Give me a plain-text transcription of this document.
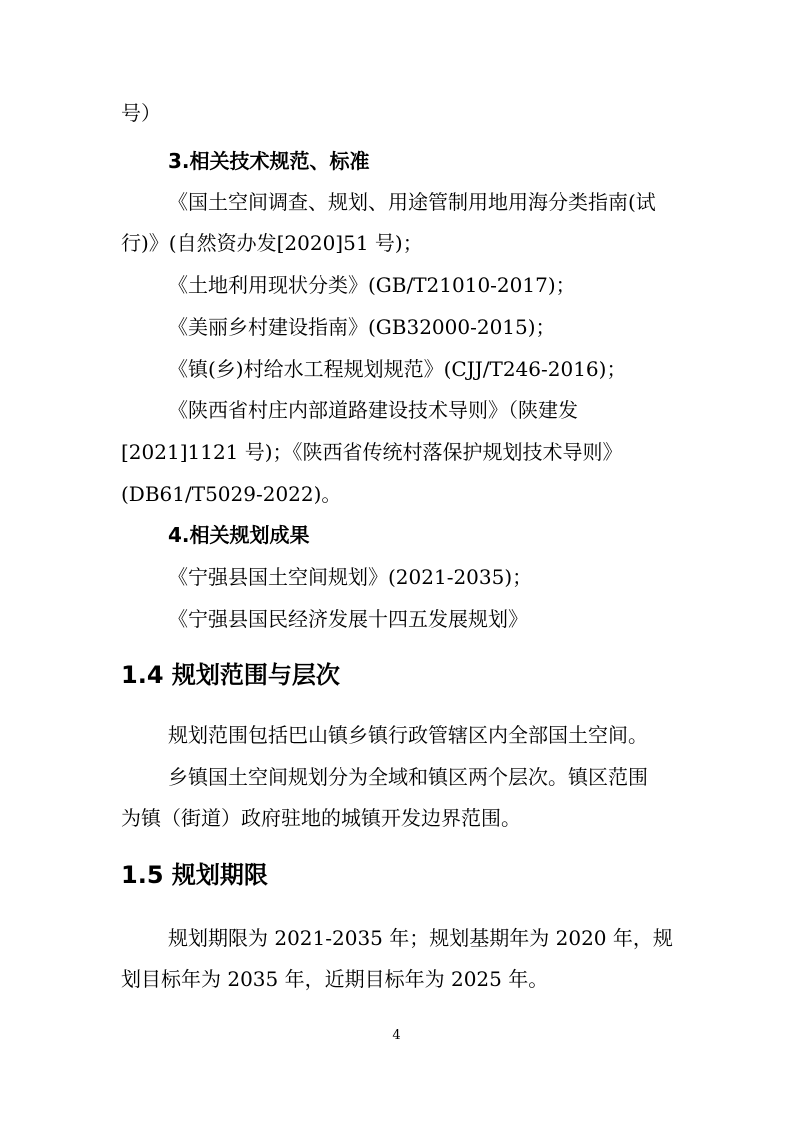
号）
3.相关技术规范、标准
《国土空间调查、规划、用途管制用地用海分类指南(试
行)》(自然资办发[2020]51 号)；
《土地利用现状分类》(GB/T21010-2017)；
《美丽乡村建设指南》(GB32000-2015)；
《镇(乡)村给水工程规划规范》(CJJ/T246-2016)；
《陕西省村庄内部道路建设技术导则》（陕建发
[2021]1121 号)；《陕西省传统村落保护规划技术导则》
(DB61/T5029-2022)。
4.相关规划成果
《宁强县国土空间规划》(2021-2035)；
《宁强县国民经济发展十四五发展规划》
1.4 规划范围与层次
规划范围包括巴山镇乡镇行政管辖区内全部国土空间。
乡镇国土空间规划分为全域和镇区两个层次。镇区范围
为镇（街道）政府驻地的城镇开发边界范围。
1.5 规划期限
规划期限为 2021-2035 年；规划基期年为 2020 年，规
划目标年为 2035 年，近期目标年为 2025 年。
4
